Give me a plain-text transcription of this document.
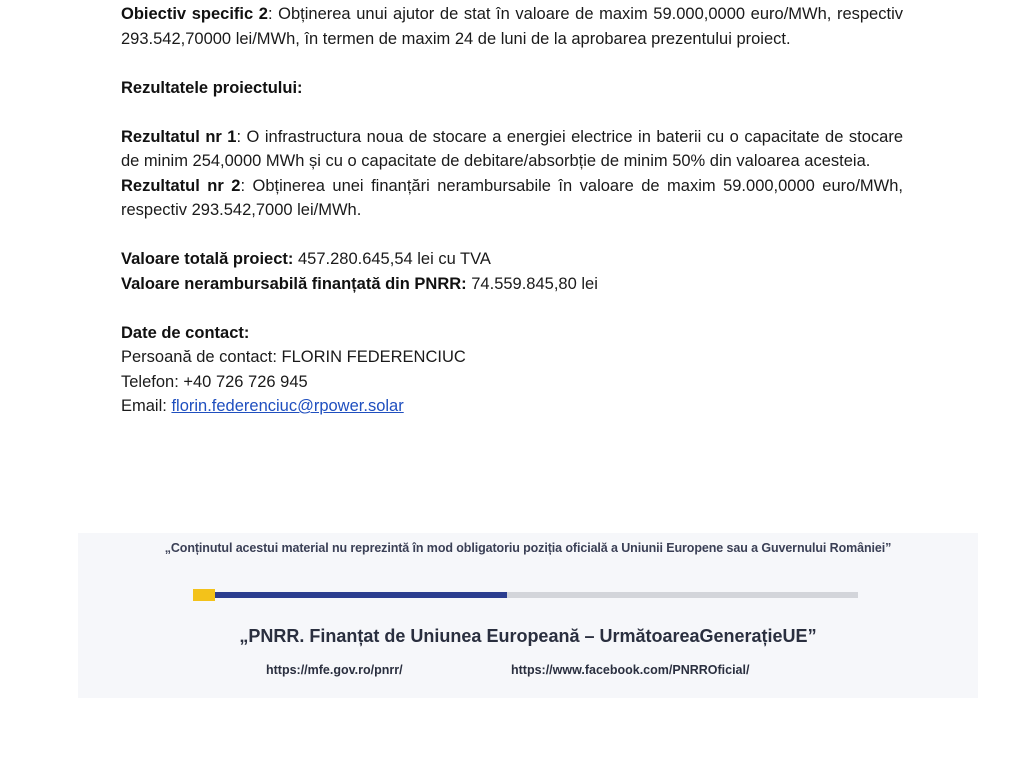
Obiectiv specific 2: Obținerea unui ajutor de stat în valoare de maxim 59.000,0000 euro/MWh, respectiv 293.542,70000 lei/MWh, în termen de maxim 24 de luni de la aprobarea prezentului proiect.

Rezultatele proiectului:

Rezultatul nr 1: O infrastructura noua de stocare a energiei electrice in baterii cu o capacitate de stocare de minim 254,0000 MWh și cu o capacitate de debitare/absorbție de minim 50% din valoarea acesteia.

Rezultatul nr 2: Obținerea unei finanțări nerambursabile în valoare de maxim 59.000,0000 euro/MWh, respectiv 293.542,7000 lei/MWh.

Valoare totală proiect: 457.280.645,54 lei cu TVA

Valoare nerambursabilă finanțată din PNRR: 74.559.845,80 lei

Date de contact:

Persoană de contact: FLORIN FEDERENCIUC

Telefon: +40 726 726 945

Email: florin.federenciuc@rpower.solar

„Conținutul acestui material nu reprezintă în mod obligatoriu poziția oficială a Uniunii Europene sau a Guvernului României”
„PNRR. Finanțat de Uniunea Europeană – UrmătoareaGenerațieUE”
https://mfe.gov.ro/pnrr/	https://www.facebook.com/PNRROficial/
